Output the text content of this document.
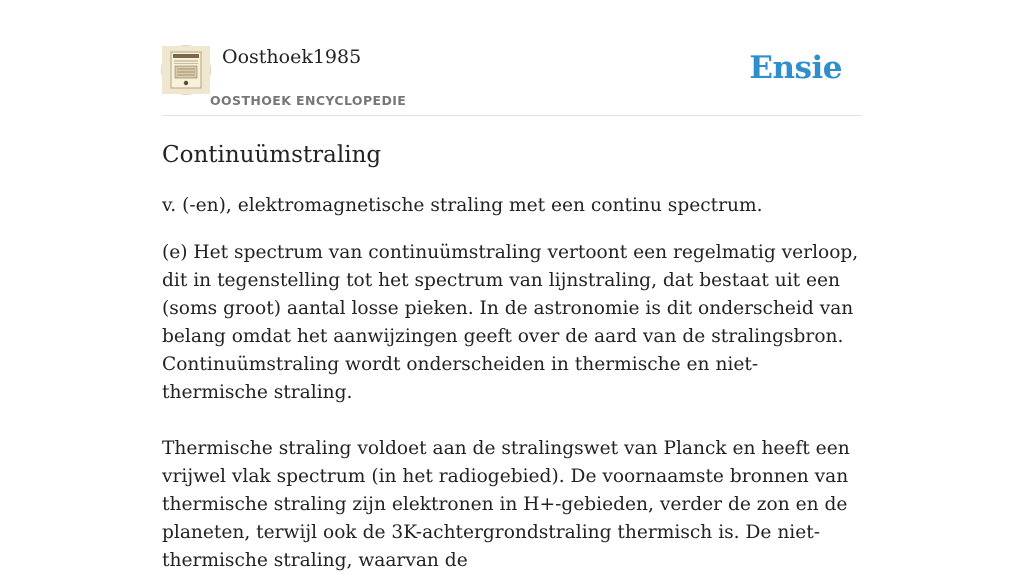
Oosthoek1985
OOSTHOEK ENCYCLOPEDIE
Ensie
Continuümstraling

v. (-en), elektromagnetische straling met een continu spectrum.

(e) Het spectrum van continuümstraling vertoont een regelmatig verloop, dit in tegenstelling tot het spectrum van lijnstraling, dat bestaat uit een (soms groot) aantal losse pieken. In de astronomie is dit onderscheid van belang omdat het aanwijzingen geeft over de aard van de stralingsbron. Continuümstraling wordt onderscheiden in thermische en niet-thermische straling.

Thermische straling voldoet aan de stralingswet van Planck en heeft een vrijwel vlak spectrum (in het radiogebied). De voornaamste bronnen van thermische straling zijn elektronen in H+-gebieden, verder de zon en de planeten, terwijl ook de 3K-achtergrondstraling thermisch is. De niet-thermische straling, waarvan de
